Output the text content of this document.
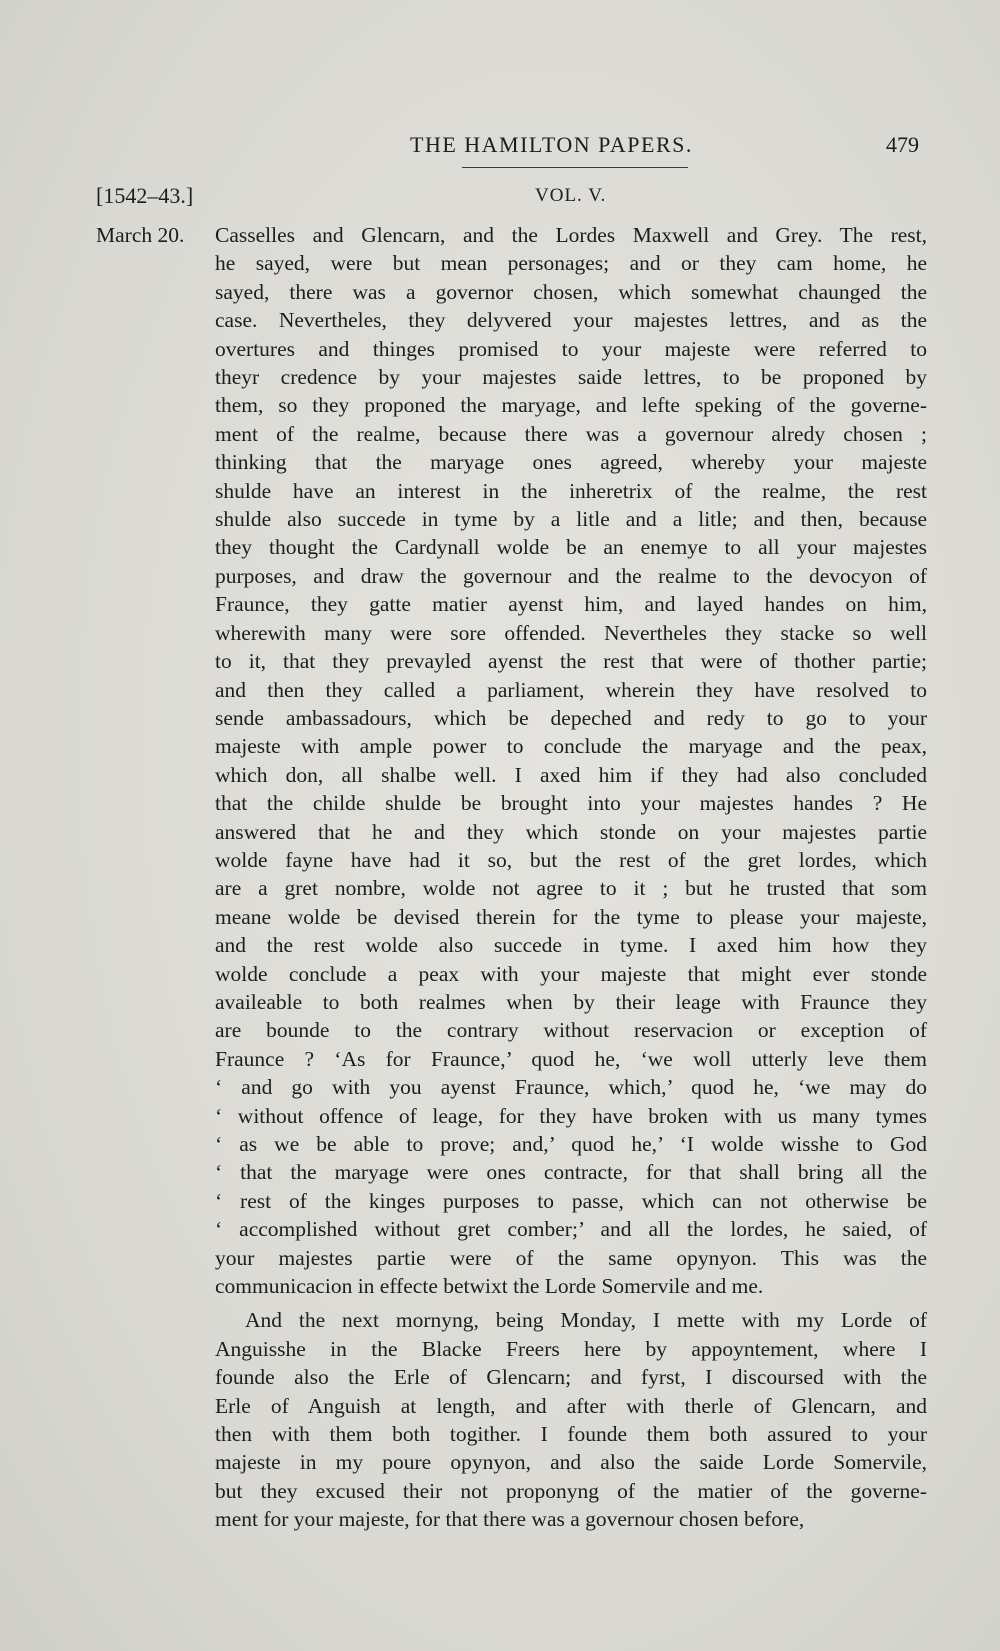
THE HAMILTON PAPERS.	479
[1542–43.]	VOL. V.
March 20. Casselles and Glencarn, and the Lordes Maxwell and Grey. The rest,
he sayed, were but mean personages; and or they cam home, he
sayed, there was a governor chosen, which somewhat chaunged the
case. Nevertheles, they delyvered your majestes lettres, and as the
overtures and thinges promised to your majeste were referred to
theyr credence by your majestes saide lettres, to be proponed by
them, so they proponed the maryage, and lefte speking of the governe-
ment of the realme, because there was a governour alredy chosen ;
thinking that the maryage ones agreed, whereby your majeste
shulde have an interest in the inheretrix of the realme, the rest
shulde also succede in tyme by a litle and a litle; and then, because
they thought the Cardynall wolde be an enemye to all your majestes
purposes, and draw the governour and the realme to the devocyon of
Fraunce, they gatte matier ayenst him, and layed handes on him,
wherewith many were sore offended. Nevertheles they stacke so well
to it, that they prevayled ayenst the rest that were of thother partie;
and then they called a parliament, wherein they have resolved to
sende ambassadours, which be depeched and redy to go to your
majeste with ample power to conclude the maryage and the peax,
which don, all shalbe well. I axed him if they had also concluded
that the childe shulde be brought into your majestes handes ? He
answered that he and they which stonde on your majestes partie
wolde fayne have had it so, but the rest of the gret lordes, which
are a gret nombre, wolde not agree to it ; but he trusted that som
meane wolde be devised therein for the tyme to please your majeste,
and the rest wolde also succede in tyme. I axed him how they
wolde conclude a peax with your majeste that might ever stonde
availeable to both realmes when by their leage with Fraunce they
are bounde to the contrary without reservacion or exception of
Fraunce ? ‘As for Fraunce,’ quod he, ‘we woll utterly leve them
‘ and go with you ayenst Fraunce, which,’ quod he, ‘we may do
‘ without offence of leage, for they have broken with us many tymes
‘ as we be able to prove; and,’ quod he,’ ‘I wolde wisshe to God
‘ that the maryage were ones contracte, for that shall bring all the
‘ rest of the kinges purposes to passe, which can not otherwise be
‘ accomplished without gret comber;’ and all the lordes, he saied, of
your majestes partie were of the same opynyon. This was the
communicacion in effecte betwixt the Lorde Somervile and me.
And the next mornyng, being Monday, I mette with my Lorde of
Anguisshe in the Blacke Freers here by appoyntement, where I
founde also the Erle of Glencarn; and fyrst, I discoursed with the
Erle of Anguish at length, and after with therle of Glencarn, and
then with them both togither. I founde them both assured to your
majeste in my poure opynyon, and also the saide Lorde Somervile,
but they excused their not proponyng of the matier of the governe-
ment for your majeste, for that there was a governour chosen before,
